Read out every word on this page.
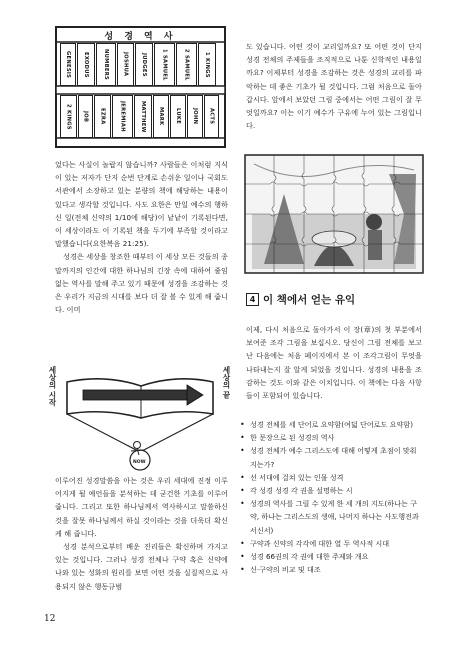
성 경 역 사
GENESIS EXODUS	NUMBERS	JOSHUA JUDGES	1 SAMUEL	2 SAMUEL	1 KINGS
2 KINGS JOB EZRA	JEREMIAH	MATTHEW MARK LUKE JOHN ACTS

었다는 사실이 놀랍지 않습니까? 사람들은 이처럼 지식이 있는 저자가 단지 순번 단계로 손쉬운 일이나 국회도서관에서 소장하고 있는 분량의 책에 해당하는 내용이 있다고 생각할 것입니다. 사도 요한은 만일 예수의 행하신 일(전체 신약의 1/10에 해당)이 낱낱이 기록된다면, 이 세상이라도 이 기록된 책을 두기에 부족할 것이라고 말했습니다(요한복음 21:25).

성경은 세상을 창조한 때부터 이 세상 모든 것들의 종말까지의 인간에 대한 하나님의 긴장 속에 대하여 줄임없는 역사를 말해 주고 있기 때문에 성경을 조감하는 것은 우리가 지금의 시대를 보다 더 잘 볼 수 있게 해 줍니다. 이미

세상의 시작	세상의 끝
NOW

이루어진 성경말씀을 아는 것은 우리 세대에 진정 이루어지게 될 예언들을 분석하는 데 굳건한 기초를 이루어 줍니다. 그리고 또한 하나님께서 역사하시고 말씀하신 것을 잘못 하나님께서 하실 것이라는 것을 더욱더 확신케 해 줍니다.

성경 분석으로부터 배운 진리들은 확신하며 가지고 있는 것입니다. 그러나 성경 전체나 구약 혹은 신약에 나와 있는 성화의 원리를 보면 어떤 것을 실질적으로 사용되지 않은 행동규범

12

도 있습니다. 어떤 것이 교리일까요? 또 어떤 것이 단지 성경 전체의 주제들을 조직적으로 나툰 신학적인 내용일까요? 이제부터 성경을 조감하는 것은 성경의 교리를 파악하는 데 좋은 기초가 될 것입니다. 그럼 처음으로 돌아갑시다. 앞에서 보았던 그림 중에서는 어떤 그림이 잘 무엇일까요? 이는 이기 예수가 구유에 누어 있는 그림입니다.

4 이 책에서 얻는 유익

이제, 다시 처음으로 돌아가서 이 장(章)의 첫 부분에서 보여준 조각 그림을 보십시오. 당신이 그림 전체를 보고 난 다음에는 처음 페이지에서 본 이 조각그림이 무엇을 나타내는지 잘 알게 되었을 것입니다. 성경의 내용을 조감하는 것도 이와 같은 이치입니다. 이 책에는 다음 사항들이 포함되어 있습니다.

• 성경 전체를 세 단어로 요약함(여덟 단어로도 요약함)
• 한 문장으로 된 성경의 역사
• 성경 전체가 예수 그리스도에 대해 어떻게 초점이 맞춰지는가?
• 선 서대에 걸쳐 있는 인물 성격
• 각 성경 성경 각 권을 설명하는 시
• 성경의 역사를 그릴 수 있게 한 세 개의 지도(하나는 구약, 하나는 그리스도의 생애, 나머지 하나는 사도행전과 서신서)
• 구약과 신약의 각각에 대한 열 두 역사적 시대
• 성경 66권의 각 권에 대한 주제와 개요
• 신·구약의 비교 및 대조
